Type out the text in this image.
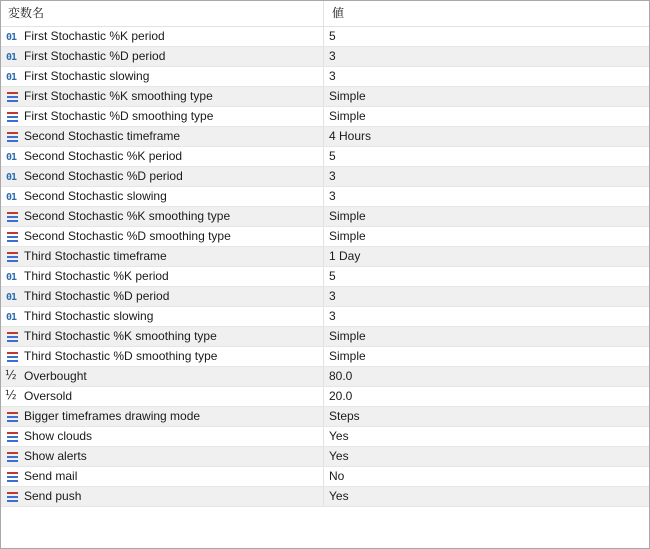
変数名	値
01 First Stochastic %K period	5
01 First Stochastic %D period	3
01 First Stochastic slowing	3
First Stochastic %K smoothing type	Simple
First Stochastic %D smoothing type	Simple
Second Stochastic timeframe	4 Hours
01 Second Stochastic %K period	5
01 Second Stochastic %D period	3
01 Second Stochastic slowing	3
Second Stochastic %K smoothing type	Simple
Second Stochastic %D smoothing type	Simple
Third Stochastic timeframe	1 Day
01 Third Stochastic %K period	5
01 Third Stochastic %D period	3
01 Third Stochastic slowing	3
Third Stochastic %K smoothing type	Simple
Third Stochastic %D smoothing type	Simple
½ Overbought	80.0
½ Oversold	20.0
Bigger timeframes drawing mode	Steps
Show clouds	Yes
Show alerts	Yes
Send mail	No
Send push	Yes
